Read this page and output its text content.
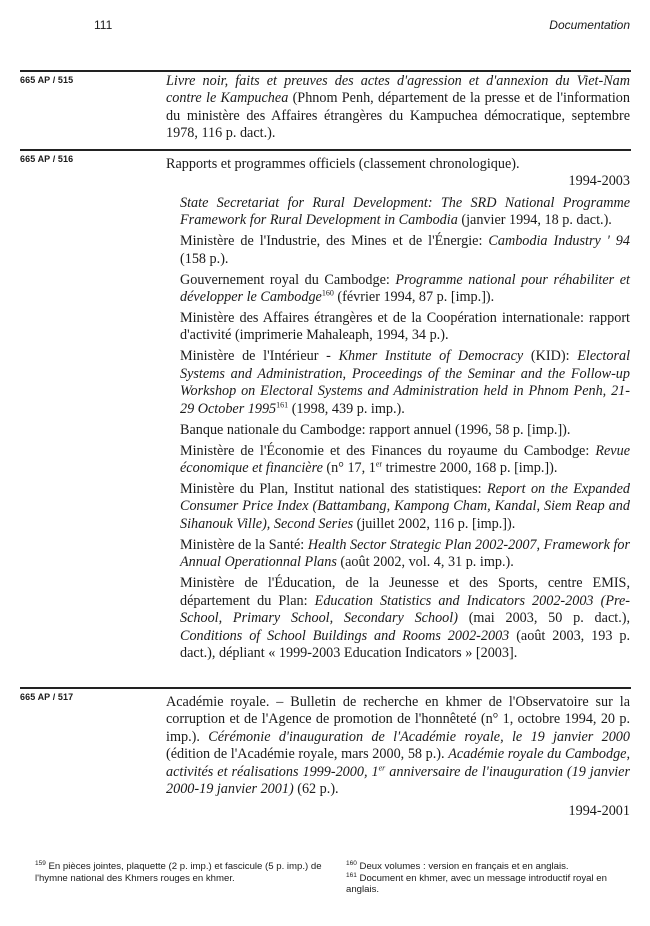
111	Documentation
665 AP / 515	Livre noir, faits et preuves des actes d'agression et d'annexion du Viet-Nam contre le Kampuchea (Phnom Penh, département de la presse et de l'information du ministère des Affaires étrangères du Kampuchea démocratique, septembre 1978, 116 p. dact.).

665 AP / 516	Rapports et programmes officiels (classement chronologique).

1994-2003

State Secretariat for Rural Development: The SRD National Programme Framework for Rural Development in Cambodia (janvier 1994, 18 p. dact.).

Ministère de l'Industrie, des Mines et de l'Énergie: Cambodia Industry ' 94 (158 p.).

Gouvernement royal du Cambodge: Programme national pour réhabiliter et développer le Cambodge$^{160}$ (février 1994, 87 p. [imp.]).

Ministère des Affaires étrangères et de la Coopération internationale: rapport d'activité (imprimerie Mahaleaph, 1994, 34 p.).

Ministère de l'Intérieur - Khmer Institute of Democracy (KID): Electoral Systems and Administration, Proceedings of the Seminar and the Follow-up Workshop on Electoral Systems and Administration held in Phnom Penh, 21-29 October 1995$^{161}$ (1998, 439 p. imp.).

Banque nationale du Cambodge: rapport annuel (1996, 58 p. [imp.]).

Ministère de l'Économie et des Finances du royaume du Cambodge: Revue économique et financière (n° 17, 1er trimestre 2000, 168 p. [imp.]).

Ministère du Plan, Institut national des statistiques: Report on the Expanded Consumer Price Index (Battambang, Kampong Cham, Kandal, Siem Reap and Sihanouk Ville), Second Series (juillet 2002, 116 p. [imp.]).

Ministère de la Santé: Health Sector Strategic Plan 2002-2007, Framework for Annual Operationnal Plans (août 2002, vol. 4, 31 p. imp.).

Ministère de l'Éducation, de la Jeunesse et des Sports, centre EMIS, département du Plan: Education Statistics and Indicators 2002-2003 (Pre-School, Primary School, Secondary School) (mai 2003, 50 p. dact.), Conditions of School Buildings and Rooms 2002-2003 (août 2003, 193 p. dact.), dépliant « 1999-2003 Education Indicators » [2003].

665 AP / 517	Académie royale. – Bulletin de recherche en khmer de l'Observatoire sur la corruption et de l'Agence de promotion de l'honnêteté (n° 1, octobre 1994, 20 p. imp.). Cérémonie d'inauguration de l'Académie royale, le 19 janvier 2000 (édition de l'Académie royale, mars 2000, 58 p.). Académie royale du Cambodge, activités et réalisations 1999-2000, 1er anniversaire de l'inauguration (19 janvier 2000-19 janvier 2001) (62 p.).

1994-2001

$^{159}$ En pièces jointes, plaquette (2 p. imp.) et fascicule (5 p. imp.) de l'hymne national des Khmers rouges en khmer.

$^{160}$ Deux volumes : version en français et en anglais.

$^{161}$ Document en khmer, avec un message introductif royal en anglais.
